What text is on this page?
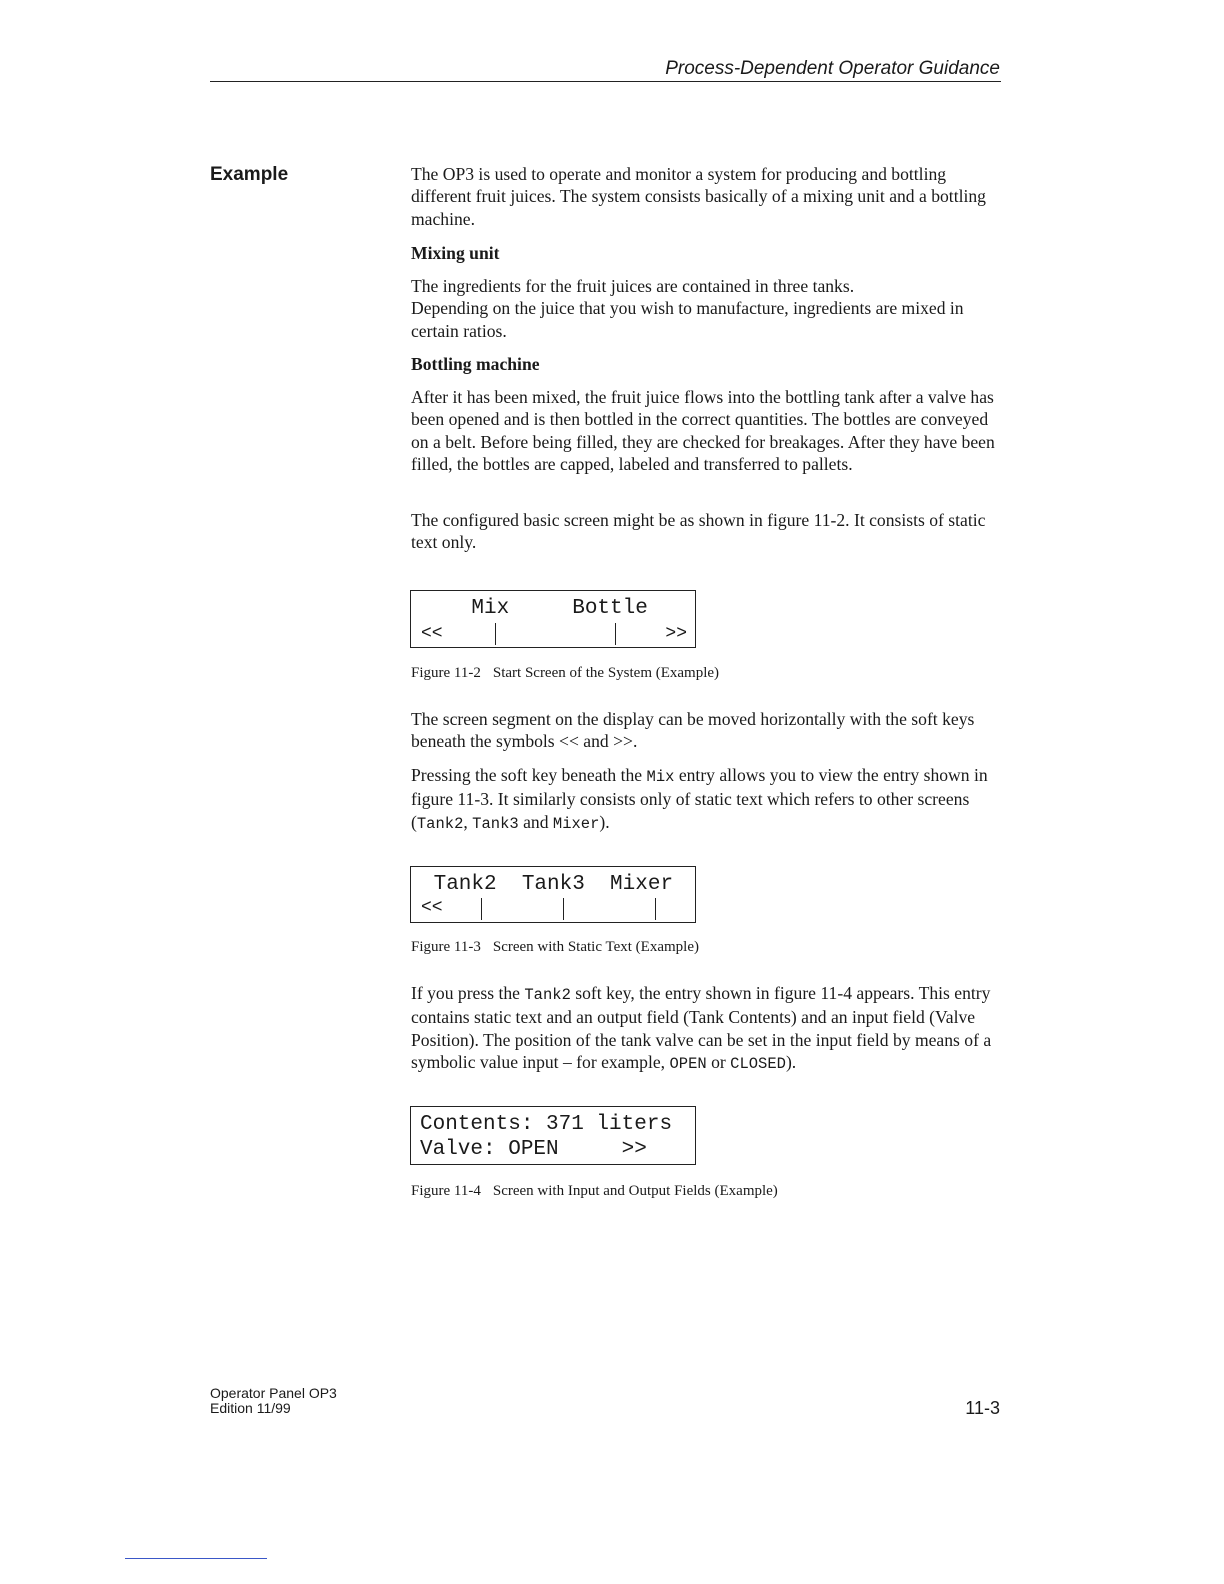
Process-Dependent Operator Guidance
Example	The OP3 is used to operate and monitor a system for producing and bottling different fruit juices. The system consists basically of a mixing unit and a bottling machine.

Mixing unit

The ingredients for the fruit juices are contained in three tanks.

Depending on the juice that you wish to manufacture, ingredients are mixed in certain ratios.

Bottling machine

After it has been mixed, the fruit juice flows into the bottling tank after a valve has been opened and is then bottled in the correct quantities. The bottles are conveyed on a belt. Before being filled, they are checked for breakages. After they have been filled, the bottles are capped, labeled and transferred to pallets.

The configured basic screen might be as shown in figure 11-2. It consists of static text only.

Mix     Bottle
<<	>>
Figure 11-2 Start Screen of the System (Example)

The screen segment on the display can be moved horizontally with the soft keys beneath the symbols << and >>.

Pressing the soft key beneath the Mix entry allows you to view the entry shown in figure 11-3. It similarly consists only of static text which refers to other screens (Tank2, Tank3 and Mixer).

Tank2  Tank3  Mixer
<<
Figure 11-3 Screen with Static Text (Example)

If you press the Tank2 soft key, the entry shown in figure 11-4 appears. This entry contains static text and an output field (Tank Contents) and an input field (Valve Position). The position of the tank valve can be set in the input field by means of a symbolic value input – for example, OPEN or CLOSED).

Contents: 371 liters
Valve: OPEN     >>
Figure 11-4 Screen with Input and Output Fields (Example)
Operator Panel OP3
Edition 11/99	11-3
